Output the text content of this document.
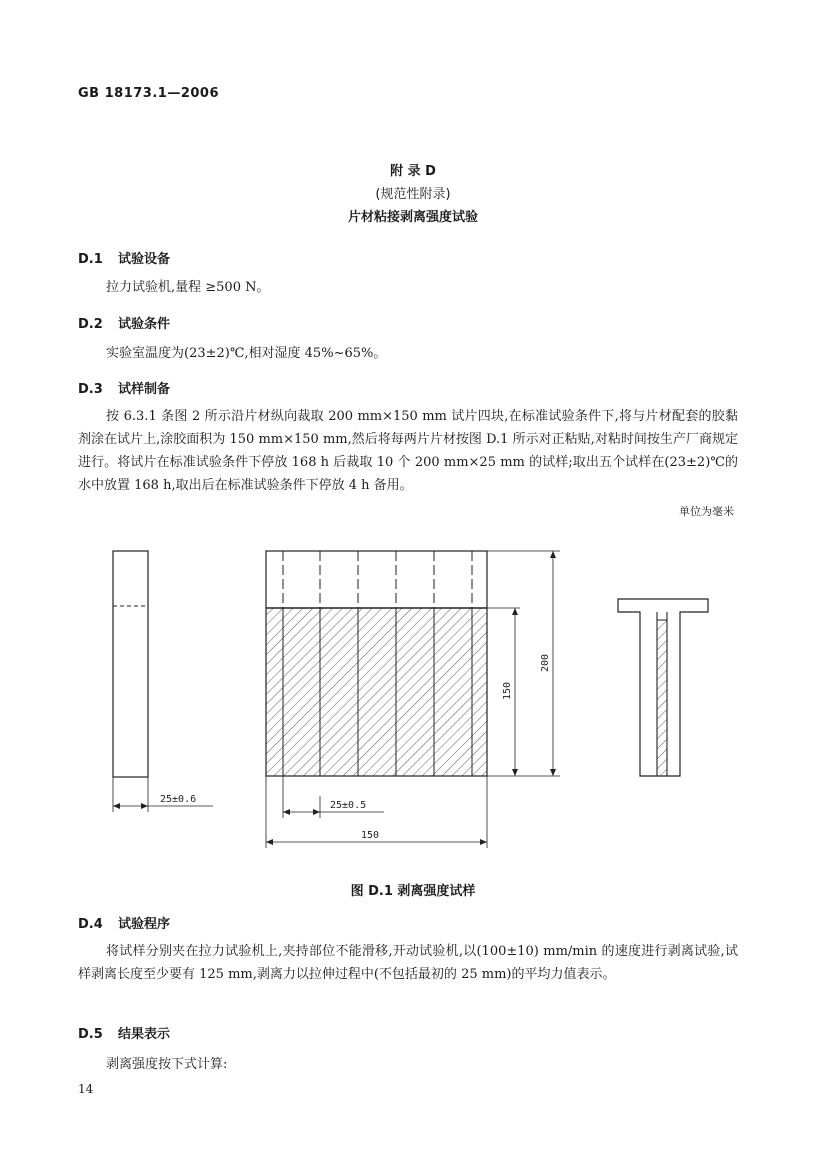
GB 18173.1—2006
附 录 D
(规范性附录)
片材粘接剥离强度试验
D.1 试验设备
拉力试验机,量程 ≥500 N。
D.2 试验条件
实验室温度为(23±2)℃,相对湿度 45%~65%。
D.3 试样制备
按 6.3.1 条图 2 所示沿片材纵向裁取 200 mm×150 mm 试片四块,在标准试验条件下,将与片材配套的胶黏剂涂在试片上,涂胶面积为 150 mm×150 mm,然后将每两片片材按图 D.1 所示对正粘贴,对粘时间按生产厂商规定进行。将试片在标准试验条件下停放 168 h 后裁取 10 个 200 mm×25 mm 的试样;取出五个试样在(23±2)℃的水中放置 168 h,取出后在标准试验条件下停放 4 h 备用。
单位为毫米
25±0.6
150
200
25±0.5
150
图 D.1 剥离强度试样
D.4 试验程序
将试样分别夹在拉力试验机上,夹持部位不能滑移,开动试验机,以(100±10) mm/min 的速度进行剥离试验,试样剥离长度至少要有 125 mm,剥离力以拉伸过程中(不包括最初的 25 mm)的平均力值表示。
D.5 结果表示
剥离强度按下式计算:
14
